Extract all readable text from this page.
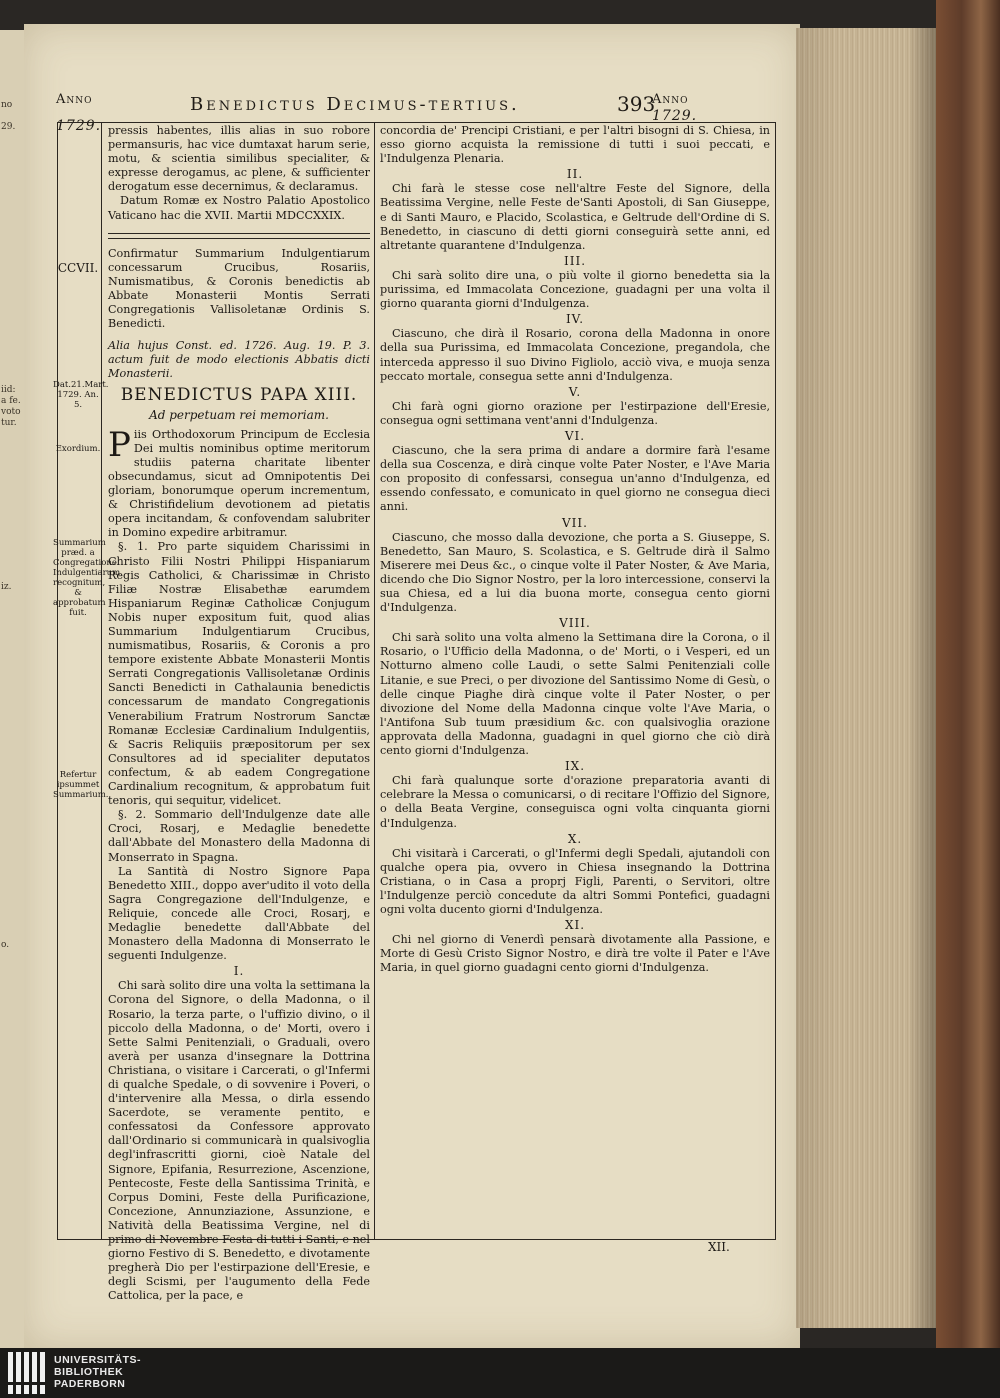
no
29.
iid:
a fe.
voto
tur.
iz.
o.
Anno
1729.
Benedictus Decimus-tertius.	393
Anno
1729.
CCVII.
Dat.21.Mart. 1729. An. 5.
Exordium.
Summarium præd. a Congregatione Indulgentiarum recognitum, & approbatum fuit.
Refertur ipsummet Summarium.

pressis habentes, illis alias in suo robore permansuris, hac vice dumtaxat harum serie, motu, & scientia similibus specialiter, & expresse derogamus, ac plene, & sufficienter derogatum esse decernimus, & declaramus.

Datum Romæ ex Nostro Palatio Apostolico Vaticano hac die XVII. Martii MDCCXXIX.

Confirmatur Summarium Indulgentiarum concessarum Crucibus, Rosariis, Numismatibus, & Coronis benedictis ab Abbate Monasterii Montis Serrati Congregationis Vallisoletanæ Ordinis S. Benedicti.

Alia hujus Const. ed. 1726. Aug. 19. P. 3. actum fuit de modo electionis Abbatis dicti Monasterii.

BENEDICTUS PAPA XIII.

Ad perpetuam rei memoriam.

Piis Orthodoxorum Principum de Ecclesia Dei multis nominibus optime meritorum studiis paterna charitate libenter obsecundamus, sicut ad Omnipotentis Dei gloriam, bonorumque operum incrementum, & Christifidelium devotionem ad pietatis opera incitandam, & confovendam salubriter in Domino expedire arbitramur.

§. 1. Pro parte siquidem Charissimi in Christo Filii Nostri Philippi Hispaniarum Regis Catholici, & Charissimæ in Christo Filiæ Nostræ Elisabethæ earumdem Hispaniarum Reginæ Catholicæ Conjugum Nobis nuper expositum fuit, quod alias Summarium Indulgentiarum Crucibus, numismatibus, Rosariis, & Coronis a pro tempore existente Abbate Monasterii Montis Serrati Congregationis Vallisoletanæ Ordinis Sancti Benedicti in Cathalaunia benedictis concessarum de mandato Congregationis Venerabilium Fratrum Nostrorum Sanctæ Romanæ Ecclesiæ Cardinalium Indulgentiis, & Sacris Reliquiis præpositorum per sex Consultores ad id specialiter deputatos confectum, & ab eadem Congregatione Cardinalium recognitum, & approbatum fuit tenoris, qui sequitur, videlicet.

§. 2. Sommario dell'Indulgenze date alle Croci, Rosarj, e Medaglie benedette dall'Abbate del Monastero della Madonna di Monserrato in Spagna.

La Santità di Nostro Signore Papa Benedetto XIII., doppo aver'udito il voto della Sagra Congregazione dell'Indulgenze, e Reliquie, concede alle Croci, Rosarj, e Medaglie benedette dall'Abbate del Monastero della Madonna di Monserrato le seguenti Indulgenze.

I.

Chi sarà solito dire una volta la settimana la Corona del Signore, o della Madonna, o il Rosario, la terza parte, o l'uffizio divino, o il piccolo della Madonna, o de' Morti, overo i Sette Salmi Penitenziali, o Graduali, overo averà per usanza d'insegnare la Dottrina Christiana, o visitare i Carcerati, o gl'Infermi di qualche Spedale, o di sovvenire i Poveri, o d'intervenire alla Messa, o dirla essendo Sacerdote, se veramente pentito, e confessatosi da Confessore approvato dall'Ordinario si communicarà in qualsivoglia degl'infrascritti giorni, cioè Natale del Signore, Epifania, Resurrezione, Ascenzione, Pentecoste, Feste della Santissima Trinità, e Corpus Domini, Feste della Purificazione, Concezione, Annunziazione, Assunzione, e Natività della Beatissima Vergine, nel di primo di Novembre Festa di tutti i Santi, e nel giorno Festivo di S. Benedetto, e divotamente pregherà Dio per l'estirpazione dell'Eresie, e degli Scismi, per l'augumento della Fede Cattolica, per la pace, e

concordia de' Prencipi Cristiani, e per l'altri bisogni di S. Chiesa, in esso giorno acquista la remissione di tutti i suoi peccati, e l'Indulgenza Plenaria.

II.

Chi farà le stesse cose nell'altre Feste del Signore, della Beatissima Vergine, nelle Feste de'Santi Apostoli, di San Giuseppe, e di Santi Mauro, e Placido, Scolastica, e Geltrude dell'Ordine di S. Benedetto, in ciascuno di detti giorni conseguirà sette anni, ed altretante quarantene d'Indulgenza.

III.

Chi sarà solito dire una, o più volte il giorno benedetta sia la purissima, ed Immacolata Concezione, guadagni per una volta il giorno quaranta giorni d'Indulgenza.

IV.

Ciascuno, che dirà il Rosario, corona della Madonna in onore della sua Purissima, ed Immacolata Concezione, pregandola, che interceda appresso il suo Divino Figliolo, acciò viva, e muoja senza peccato mortale, consegua sette anni d'Indulgenza.

V.

Chi farà ogni giorno orazione per l'estirpazione dell'Eresie, consegua ogni settimana vent'anni d'Indulgenza.

VI.

Ciascuno, che la sera prima di andare a dormire farà l'esame della sua Coscenza, e dirà cinque volte Pater Noster, e l'Ave Maria con proposito di confessarsi, consegua un'anno d'Indulgenza, ed essendo confessato, e comunicato in quel giorno ne consegua dieci anni.

VII.

Ciascuno, che mosso dalla devozione, che porta a S. Giuseppe, S. Benedetto, San Mauro, S. Scolastica, e S. Geltrude dirà il Salmo Miserere mei Deus &c., o cinque volte il Pater Noster, & Ave Maria, dicendo che Dio Signor Nostro, per la loro intercessione, conservi la sua Chiesa, ed a lui dia buona morte, consegua cento giorni d'Indulgenza.

VIII.

Chi sarà solito una volta almeno la Settimana dire la Corona, o il Rosario, o l'Ufficio della Madonna, o de' Morti, o i Vesperi, ed un Notturno almeno colle Laudi, o sette Salmi Penitenziali colle Litanie, e sue Preci, o per divozione del Santissimo Nome di Gesù, o delle cinque Piaghe dirà cinque volte il Pater Noster, o per divozione del Nome della Madonna cinque volte l'Ave Maria, o l'Antifona Sub tuum præsidium &c. con qualsivoglia orazione approvata della Madonna, guadagni in quel giorno che ciò dirà cento giorni d'Indulgenza.

IX.

Chi farà qualunque sorte d'orazione preparatoria avanti di celebrare la Messa o comunicarsi, o di recitare l'Offizio del Signore, o della Beata Vergine, conseguisca ogni volta cinquanta giorni d'Indulgenza.

X.

Chi visitarà i Carcerati, o gl'Infermi degli Spedali, ajutandoli con qualche opera pia, ovvero in Chiesa insegnando la Dottrina Cristiana, o in Casa a proprj Figli, Parenti, o Servitori, oltre l'Indulgenze perciò concedute da altri Sommi Pontefici, guadagni ogni volta ducento giorni d'Indulgenza.

XI.

Chi nel giorno di Venerdì pensarà divotamente alla Passione, e Morte di Gesù Cristo Signor Nostro, e dirà tre volte il Pater e l'Ave Maria, in quel giorno guadagni cento giorni d'Indulgenza.

XII.
UNIVERSITÄTS-
BIBLIOTHEK
PADERBORN
